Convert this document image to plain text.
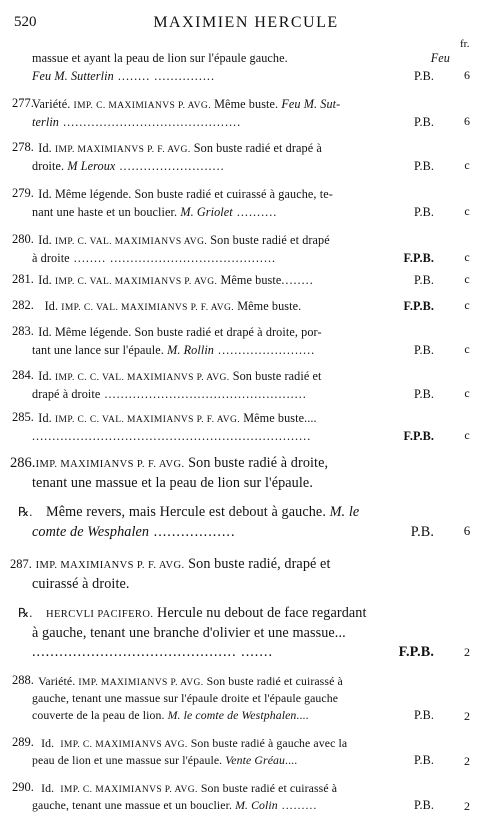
520	MAXIMIEN HERCULE
fr.
massue et ayant la peau de lion sur l'épaule gauche.	Feu
Feu M. Sutterlin ........ ...............	P.B.	6
277.
Variété. IMP. C. MAXIMIANVS P. AVG. Même buste. Feu M. Sut-
terlin ............................................	P.B.	6
278. Id. IMP. MAXIMIANVS P. F. AVG. Son buste radié et drapé à
droite. M Leroux ..........................	P.B.	c
279. Id. Même légende. Son buste radié et cuirassé à gauche, te-
nant une haste et un bouclier. M. Griolet ..........	P.B.	c
280. Id. IMP. C. VAL. MAXIMIANVS AVG. Son buste radié et drapé
à droite ........ .........................................	F.P.B.	c
281. Id. IMP. C. VAL. MAXIMIANVS P. AVG. Même buste........	P.B.	c
282. Id. IMP. C. VAL. MAXIMIANVS P. F. AVG. Même buste.	F.P.B.	c
283. Id. Même légende. Son buste radié et drapé à droite, por-
tant une lance sur l'épaule. M. Rollin ........................	P.B.	c
284. Id. IMP. C. C. VAL. MAXIMIANVS P. AVG. Son buste radié et
drapé à droite ..................................................	P.B.	c
285. Id. IMP. C. C. VAL. MAXIMIANVS P. F. AVG. Même buste....
.....................................................................	F.P.B.	c
286. IMP. MAXIMIANVS P. F. AVG. Son buste radié à droite,
tenant une massue et la peau de lion sur l'épaule.
℞. Même revers, mais Hercule est debout à gauche. M. le
comte de Wesphalen ..................	P.B.	6
287. IMP. MAXIMIANVS P. F. AVG. Son buste radié, drapé et
cuirassé à droite.
℞. HERCVLI PACIFERO. Hercule nu debout de face regardant
à gauche, tenant une branche d'olivier et une massue...
............................................. .......	F.P.B.	2
288. Variété. IMP. MAXIMIANVS P. AVG. Son buste radié et cuirassé à
gauche, tenant une massue sur l'épaule droite et l'épaule gauche
couverte de la peau de lion. M. le comte de Westphalen....	P.B.	2
289. Id. IMP. C. MAXIMIANVS AVG. Son buste radié à gauche avec la
peau de lion et une massue sur l'épaule. Vente Gréau....	P.B.	2
290. Id. IMP. C. MAXIMIANVS P. AVG. Son buste radié et cuirassé à
gauche, tenant une massue et un bouclier. M. Colin .........	P.B.	2
